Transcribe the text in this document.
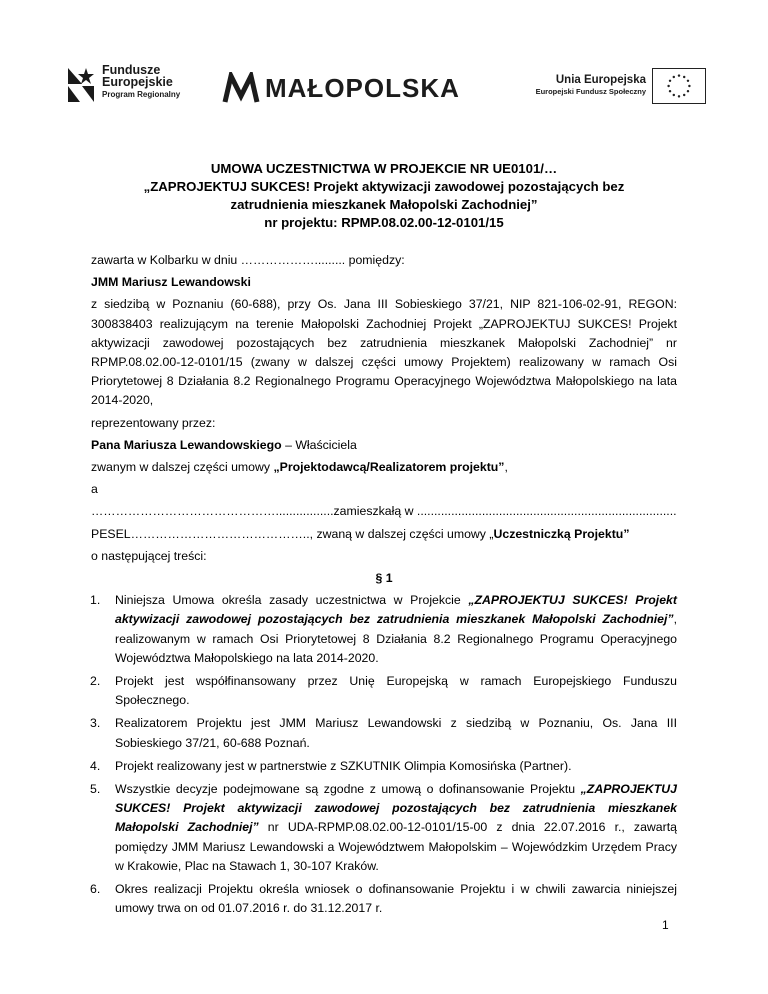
Fundusze
Europejskie
Program Regionalny	MAŁOPOLSKA	Unia Europejska
Europejski Fundusz Społeczny
UMOWA UCZESTNICTWA W PROJEKCIE NR UE0101/…
„ZAPROJEKTUJ SUKCES! Projekt aktywizacji zawodowej pozostających bez
zatrudnienia mieszkanek Małopolski Zachodniej”
nr projektu: RPMP.08.02.00-12-0101/15

zawarta w Kolbarku w dniu ………………......... pomiędzy:

JMM Mariusz Lewandowski

z siedzibą w Poznaniu (60-688), przy Os. Jana III Sobieskiego 37/21, NIP 821-106-02-91, REGON: 300838403 realizującym na terenie Małopolski Zachodniej Projekt „ZAPROJEKTUJ SUKCES! Projekt aktywizacji zawodowej pozostających bez zatrudnienia mieszkanek Małopolski Zachodniej” nr RPMP.08.02.00-12-0101/15 (zwany w dalszej części umowy Projektem) realizowany w ramach Osi Priorytetowej 8 Działania 8.2 Regionalnego Programu Operacyjnego Województwa Małopolskiego na lata 2014-2020,

reprezentowany przez:

Pana Mariusza Lewandowskiego – Właściciela

zwanym w dalszej części umowy „Projektodawcą/Realizatorem projektu”,

a

……………………………………….................zamieszkałą w ............................................................................

PESEL…………………………………….., zwaną w dalszej części umowy „Uczestniczką Projektu”

o następującej treści:

§ 1

1. Niniejsza Umowa określa zasady uczestnictwa w Projekcie „ZAPROJEKTUJ SUKCES! Projekt aktywizacji zawodowej pozostających bez zatrudnienia mieszkanek Małopolski Zachodniej”, realizowanym w ramach Osi Priorytetowej 8 Działania 8.2 Regionalnego Programu Operacyjnego Województwa Małopolskiego na lata 2014-2020.
2. Projekt jest współfinansowany przez Unię Europejską w ramach Europejskiego Funduszu Społecznego.
3. Realizatorem Projektu jest JMM Mariusz Lewandowski z siedzibą w Poznaniu, Os. Jana III Sobieskiego 37/21, 60-688 Poznań.
4. Projekt realizowany jest w partnerstwie z SZKUTNIK Olimpia Komosińska (Partner).
5. Wszystkie decyzje podejmowane są zgodne z umową o dofinansowanie Projektu „ZAPROJEKTUJ SUKCES! Projekt aktywizacji zawodowej pozostających bez zatrudnienia mieszkanek Małopolski Zachodniej” nr UDA-RPMP.08.02.00-12-0101/15-00 z dnia 22.07.2016 r., zawartą pomiędzy JMM Mariusz Lewandowski a Województwem Małopolskim – Wojewódzkim Urzędem Pracy w Krakowie, Plac na Stawach 1, 30-107 Kraków.
6. Okres realizacji Projektu określa wniosek o dofinansowanie Projektu i w chwili zawarcia niniejszej umowy trwa on od 01.07.2016 r. do 31.12.2017 r.
1
